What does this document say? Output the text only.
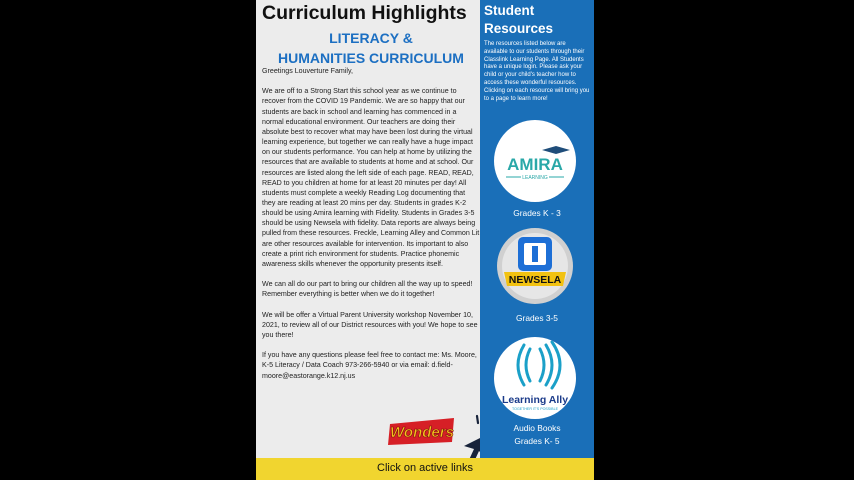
Curriculum Highlights
LITERACY &
HUMANITIES CURRICULUM

Greetings Louverture Family,

We are off to a Strong Start this school year as we continue to recover from the COVID 19 Pandemic. We are so happy that our students are back in school and learning has commenced in a normal educational environment. Our teachers are doing their absolute best to recover what may have been lost during the virtual learning experience, but together we can really have a huge impact on our students performance. You can help at home by utilizing the resources that are available to students at home and at school. Our resources are listed along the left side of each page. READ, READ, READ to you children at home for at least 20 minutes per day! All students must complete a weekly Reading Log documenting that they are reading at least 20 mins per day. Students in grades K-2 should be using Amira learning with Fidelity. Students in Grades 3-5 should be using Newsela with fidelity. Data reports are always being pulled from these resources. Freckle, Learning Alley and Common Lit are other resources available for intervention. Its important to also create a print rich environment for students. Practice phonemic awareness skills whenever the opportunity presents itself.

We can all do our part to bring our children all the way up to speed! Remember everything is better when we do it together!

We will be offer a Virtual Parent University workshop November 10, 2021, to review all of our District resources with you! We hope to see you there!

If you have any questions please feel free to contact me: Ms. Moore, K-5 Literacy / Data Coach 973-266-5940 or via email: d.field-moore@eastorange.k12.nj.us

Wonders
Student Resources
The resources listed below are available to our students through their Classlink Learning Page. All Students have a unique login. Please ask your child or your child's teacher how to access these wonderful resources. Clicking on each resource will bring you to a page to learn more!
AMIRA
LEARNING
Grades K - 3
NEWSELA
Grades 3-5
Learning Ally
TOGETHER IT'S POSSIBLE
Audio Books
Grades K- 5
Click on active links
